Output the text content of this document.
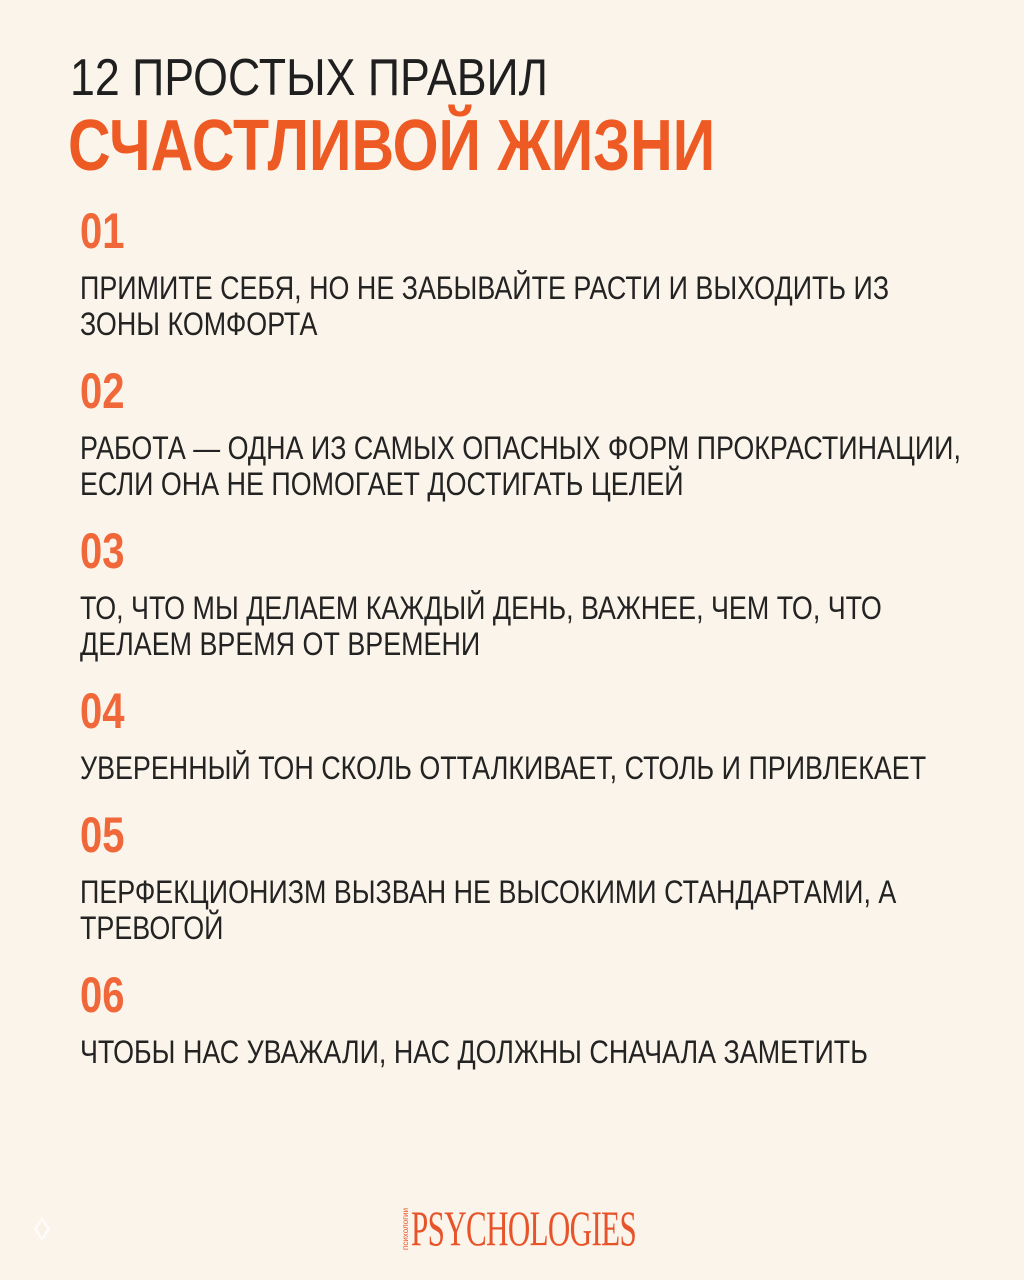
12 ПРОСТЫХ ПРАВИЛ
СЧАСТЛИВОЙ ЖИЗНИ
01
ПРИМИТЕ СЕБЯ, НО НЕ ЗАБЫВАЙТЕ РАСТИ И ВЫХОДИТЬ ИЗ ЗОНЫ КОМФОРТА
02
РАБОТА — ОДНА ИЗ САМЫХ ОПАСНЫХ ФОРМ ПРОКРАСТИНАЦИИ, ЕСЛИ ОНА НЕ ПОМОГАЕТ ДОСТИГАТЬ ЦЕЛЕЙ
03
ТО, ЧТО МЫ ДЕЛАЕМ КАЖДЫЙ ДЕНЬ, ВАЖНЕЕ, ЧЕМ ТО, ЧТО ДЕЛАЕМ ВРЕМЯ ОТ ВРЕМЕНИ
04
УВЕРЕННЫЙ ТОН СКОЛЬ ОТТАЛКИВАЕТ, СТОЛЬ И ПРИВЛЕКАЕТ
05
ПЕРФЕКЦИОНИЗМ ВЫЗВАН НЕ ВЫСОКИМИ СТАНДАРТАМИ, А ТРЕВОГОЙ
06
ЧТОБЫ НАС УВАЖАЛИ, НАС ДОЛЖНЫ СНАЧАЛА ЗАМЕТИТЬ
психологии PSYCHOLOGIES
